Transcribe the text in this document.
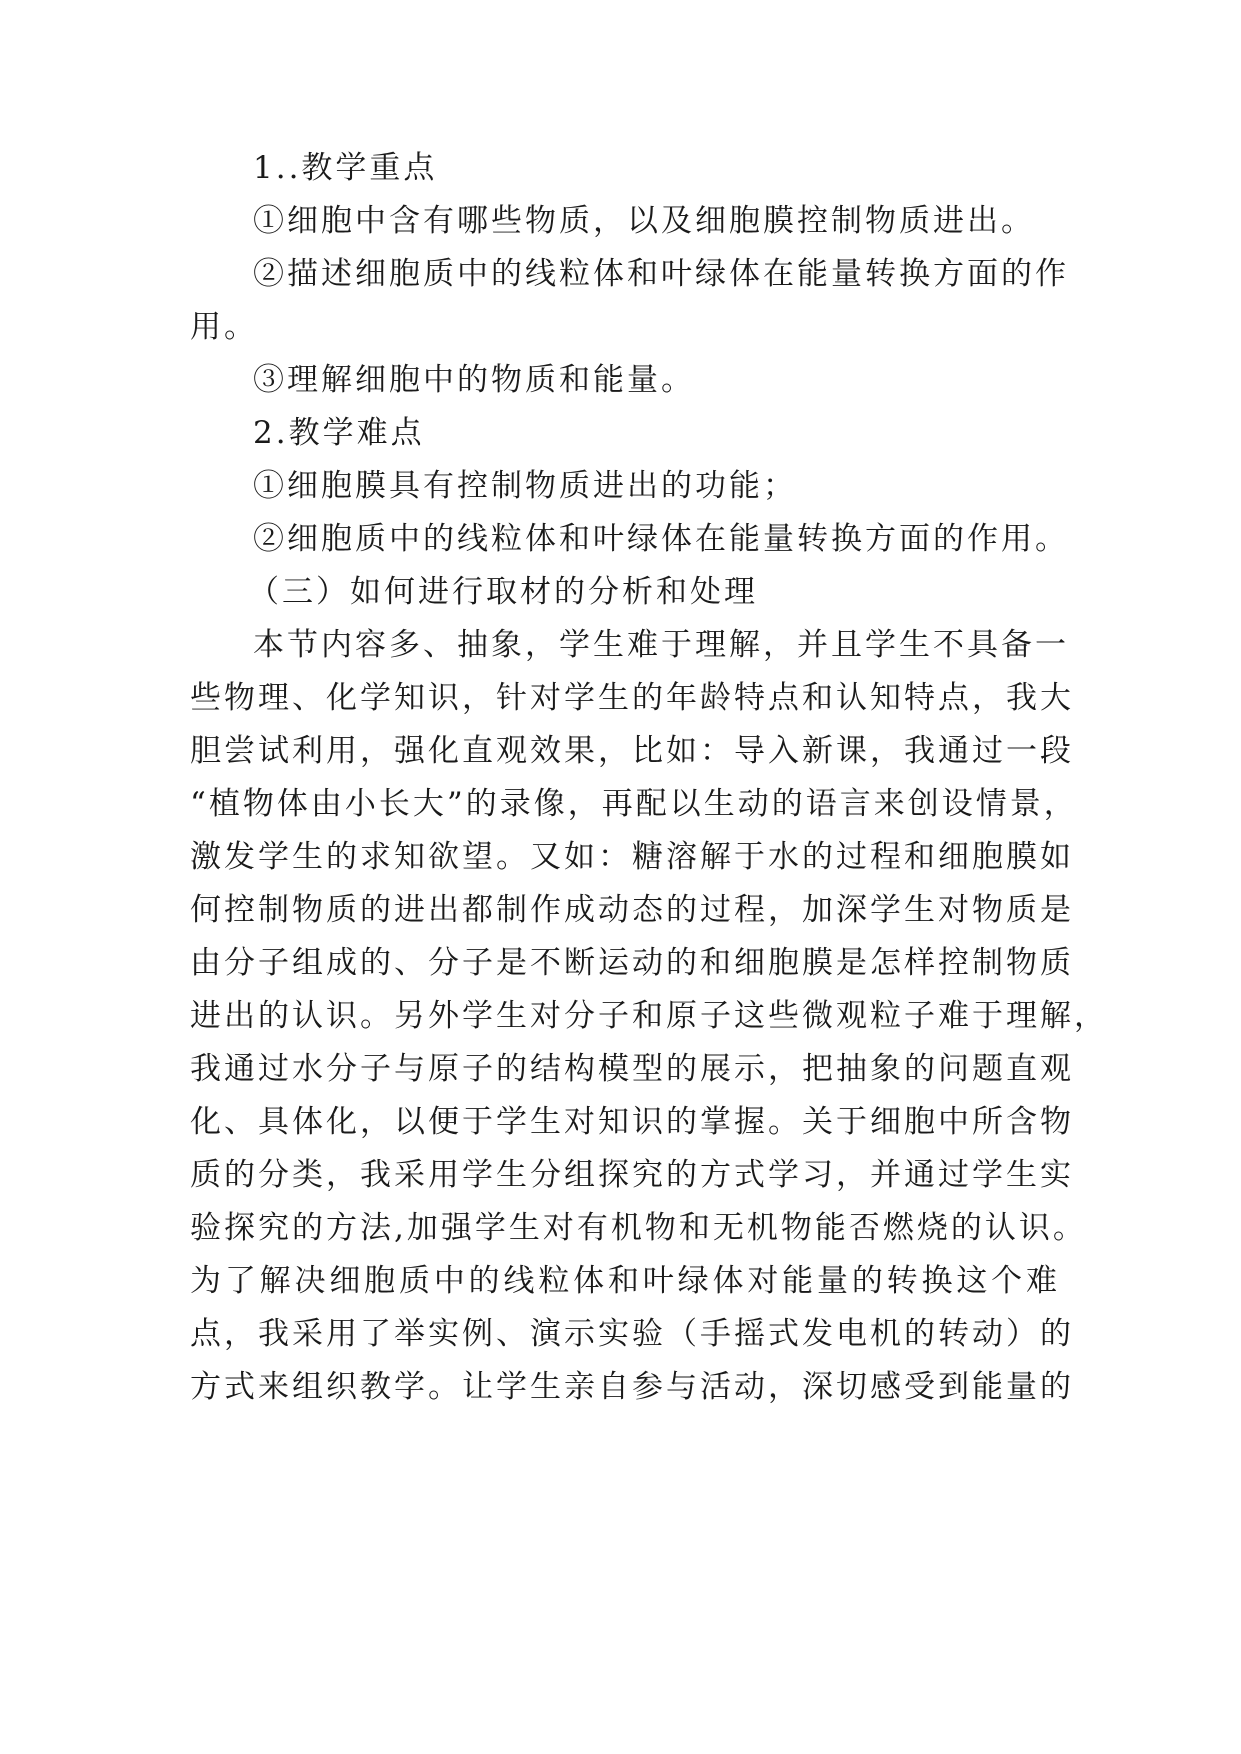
1..教学重点
①细胞中含有哪些物质，以及细胞膜控制物质进出。
②描述细胞质中的线粒体和叶绿体在能量转换方面的作
用。
③理解细胞中的物质和能量。
2.教学难点
①细胞膜具有控制物质进出的功能；
②细胞质中的线粒体和叶绿体在能量转换方面的作用。
（三）如何进行取材的分析和处理
本节内容多、抽象，学生难于理解，并且学生不具备一
些物理、化学知识，针对学生的年龄特点和认知特点，我大
胆尝试利用，强化直观效果，比如：导入新课，我通过一段
“植物体由小长大”的录像，再配以生动的语言来创设情景，
激发学生的求知欲望。又如：糖溶解于水的过程和细胞膜如
何控制物质的进出都制作成动态的过程，加深学生对物质是
由分子组成的、分子是不断运动的和细胞膜是怎样控制物质
进出的认识。另外学生对分子和原子这些微观粒子难于理解，
我通过水分子与原子的结构模型的展示，把抽象的问题直观
化、具体化，以便于学生对知识的掌握。关于细胞中所含物
质的分类，我采用学生分组探究的方式学习，并通过学生实
验探究的方法,加强学生对有机物和无机物能否燃烧的认识。
为了解决细胞质中的线粒体和叶绿体对能量的转换这个难
点，我采用了举实例、演示实验（手摇式发电机的转动）的
方式来组织教学。让学生亲自参与活动，深切感受到能量的
